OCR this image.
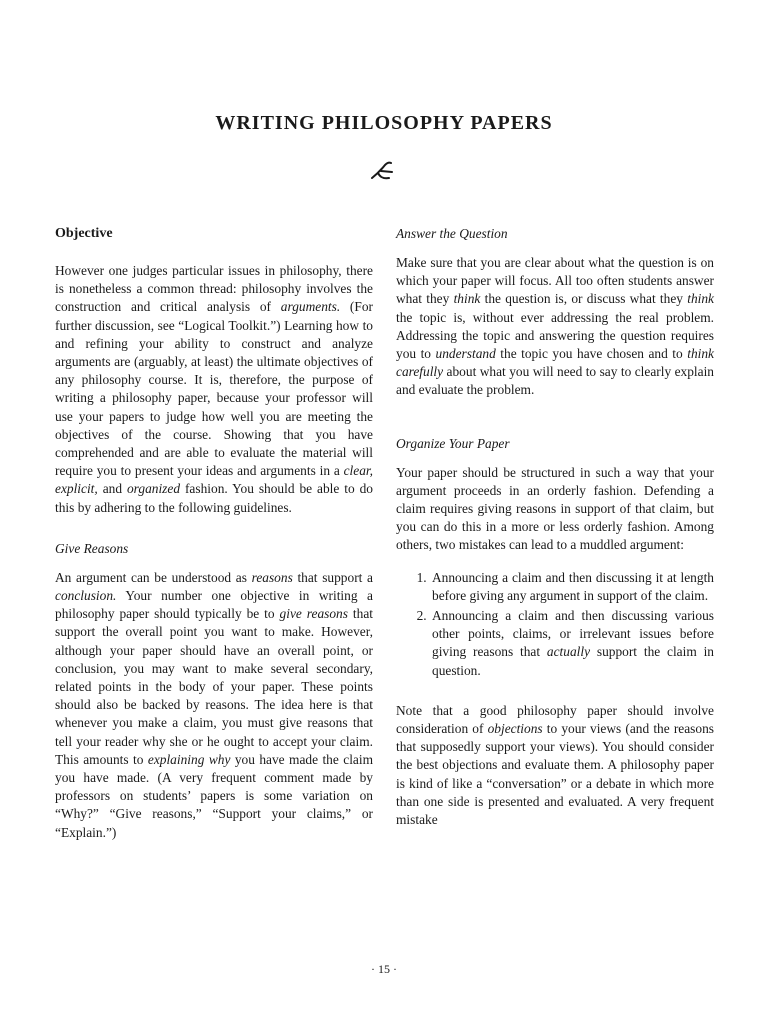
WRITING PHILOSOPHY PAPERS
Objective

However one judges particular issues in philosophy, there is nonetheless a common thread: philosophy involves the construction and critical analysis of arguments. (For further discussion, see “Logical Toolkit.”) Learning how to and refining your ability to construct and analyze arguments are (arguably, at least) the ultimate objectives of any philosophy course. It is, therefore, the purpose of writing a philosophy paper, because your professor will use your papers to judge how well you are meeting the objectives of the course. Showing that you have comprehended and are able to evaluate the material will require you to present your ideas and arguments in a clear, explicit, and organized fashion. You should be able to do this by adhering to the following guidelines.

Give Reasons

An argument can be understood as reasons that support a conclusion. Your number one objective in writing a philosophy paper should typically be to give reasons that support the overall point you want to make. However, although your paper should have an overall point, or conclusion, you may want to make several secondary, related points in the body of your paper. These points should also be backed by reasons. The idea here is that whenever you make a claim, you must give reasons that tell your reader why she or he ought to accept your claim. This amounts to explaining why you have made the claim you have made. (A very frequent comment made by professors on students’ papers is some variation on “Why?” “Give reasons,” “Support your claims,” or “Explain.”)

Answer the Question

Make sure that you are clear about what the question is on which your paper will focus. All too often students answer what they think the question is, or discuss what they think the topic is, without ever addressing the real problem. Addressing the topic and answering the question requires you to understand the topic you have chosen and to think carefully about what you will need to say to clearly explain and evaluate the problem.

Organize Your Paper

Your paper should be structured in such a way that your argument proceeds in an orderly fashion. Defending a claim requires giving reasons in support of that claim, but you can do this in a more or less orderly fashion. Among others, two mistakes can lead to a muddled argument:

1. Announcing a claim and then discussing it at length before giving any argument in support of the claim.
2. Announcing a claim and then discussing various other points, claims, or irrelevant issues before giving reasons that actually support the claim in question.

Note that a good philosophy paper should involve consideration of objections to your views (and the reasons that supposedly support your views). You should consider the best objections and evaluate them. A philosophy paper is kind of like a “conversation” or a debate in which more than one side is presented and evaluated. A very frequent mistake

· 15 ·
